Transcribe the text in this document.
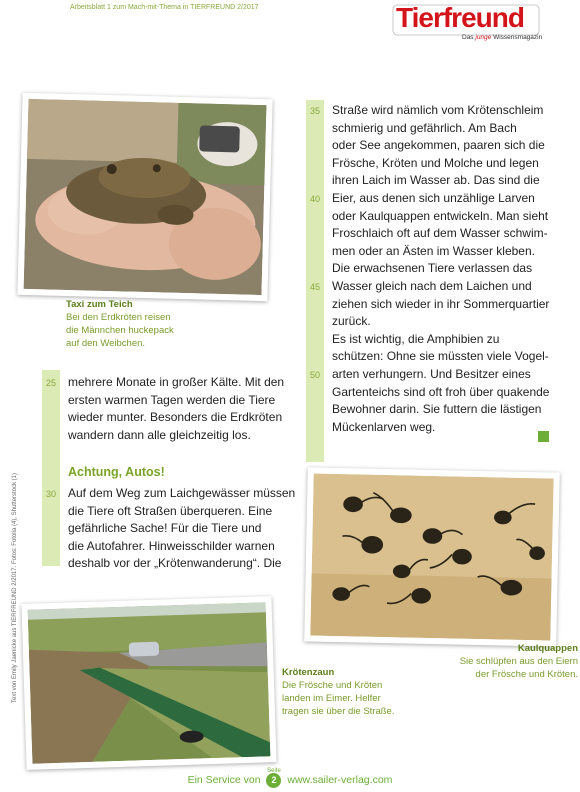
Arbeitsblatt 1 zum Mach-mit-Thema in TIERFREUND 2/2017	Tierfreund
Das junge Wissensmagazin
Taxi zum Teich
Bei den Erdkröten reisen
die Männchen huckepack
auf den Weibchen.
35
40
45
50
Straße wird nämlich vom Krötenschleim
schmierig und gefährlich. Am Bach
oder See angekommen, paaren sich die
Frösche, Kröten und Molche und legen
ihren Laich im Wasser ab. Das sind die
Eier, aus denen sich unzählige Larven
oder Kaulquappen entwickeln. Man sieht
Froschlaich oft auf dem Wasser schwim-
men oder an Ästen im Wasser kleben.
Die erwachsenen Tiere verlassen das
Wasser gleich nach dem Laichen und
ziehen sich wieder in ihr Sommerquartier
zurück.
Es ist wichtig, die Amphibien zu
schützen: Ohne sie müssten viele Vogel-
arten verhungern. Und Besitzer eines
Gartenteichs sind oft froh über quakende
Bewohner darin. Sie futtern die lästigen
Mückenlarven weg.
25
30
mehrere Monate in großer Kälte. Mit den
ersten warmen Tagen werden die Tiere
wieder munter. Besonders die Erdkröten
wandern dann alle gleichzeitig los.
Achtung, Autos!
Auf dem Weg zum Laichgewässer müssen
die Tiere oft Straßen überqueren. Eine
gefährliche Sache! Für die Tiere und
die Autofahrer. Hinweisschilder warnen
deshalb vor der „Krötenwanderung“. Die
Kaulquappen
Sie schlüpfen aus den Eiern
der Frösche und Kröten.
Krötenzaun
Die Frösche und Kröten
landen im Eimer. Helfer
tragen sie über die Straße.
Text von Emily Jaenicke aus TIERFREUND 2/2017. Fotos: Fotolia (4), Shutterstock (1)
Ein Service von
Seite
2 www.sailer-verlag.com
